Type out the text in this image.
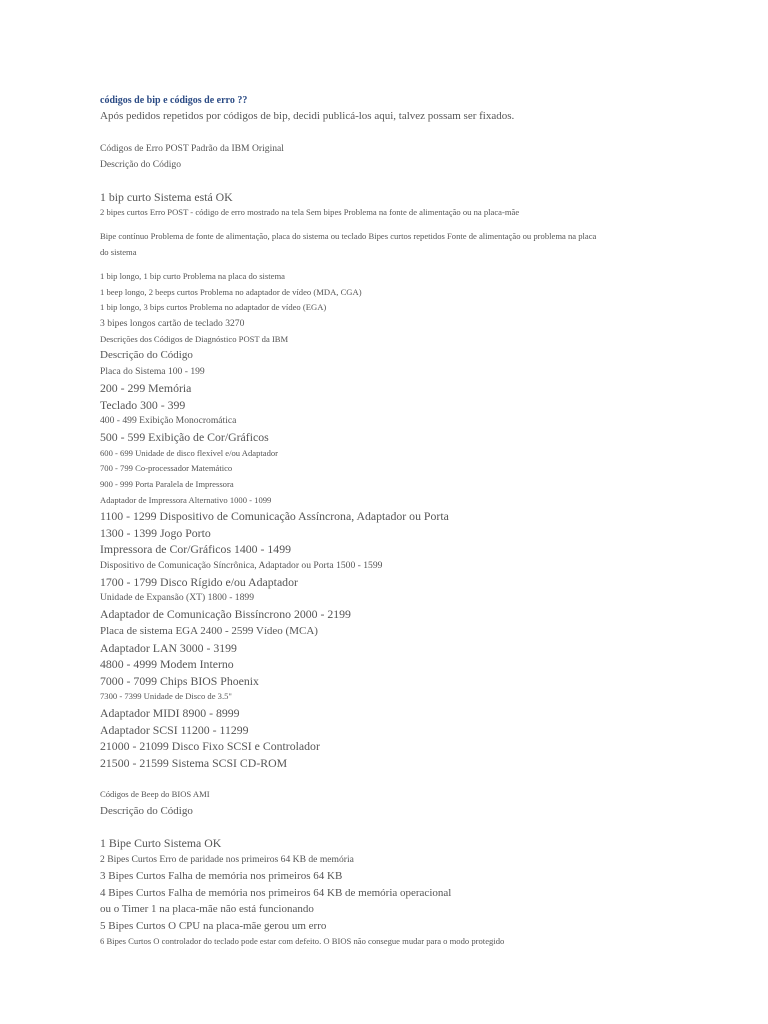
códigos de bip e códigos de erro ??

Após pedidos repetidos por códigos de bip, decidi publicá-los aqui, talvez possam ser fixados.

Códigos de Erro POST Padrão da IBM Original

Descrição do Código

1 bip curto Sistema está OK

2 bipes curtos Erro POST - código de erro mostrado na tela Sem bipes Problema na fonte de alimentação ou na placa-mãe

Bipe contínuo Problema de fonte de alimentação, placa do sistema ou teclado Bipes curtos repetidos Fonte de alimentação ou problema na placa do sistema

1 bip longo, 1 bip curto Problema na placa do sistema

1 beep longo, 2 beeps curtos Problema no adaptador de vídeo (MDA, CGA)

1 bip longo, 3 bips curtos Problema no adaptador de vídeo (EGA)

3 bipes longos cartão de teclado 3270

Descrições dos Códigos de Diagnóstico POST da IBM

Descrição do Código

Placa do Sistema 100 - 199

200 - 299 Memória

Teclado 300 - 399

400 - 499 Exibição Monocromática

500 - 599 Exibição de Cor/Gráficos

600 - 699 Unidade de disco flexível e/ou Adaptador

700 - 799 Co-processador Matemático

900 - 999 Porta Paralela de Impressora

Adaptador de Impressora Alternativo 1000 - 1099

1100 - 1299 Dispositivo de Comunicação Assíncrona, Adaptador ou Porta

1300 - 1399 Jogo Porto

Impressora de Cor/Gráficos 1400 - 1499

Dispositivo de Comunicação Síncrônica, Adaptador ou Porta 1500 - 1599

1700 - 1799 Disco Rígido e/ou Adaptador

Unidade de Expansão (XT) 1800 - 1899

Adaptador de Comunicação Bissíncrono 2000 - 2199

Placa de sistema EGA 2400 - 2599 Vídeo (MCA)

Adaptador LAN 3000 - 3199

4800 - 4999 Modem Interno

7000 - 7099 Chips BIOS Phoenix

7300 - 7399 Unidade de Disco de 3.5"

Adaptador MIDI 8900 - 8999

Adaptador SCSI 11200 - 11299

21000 - 21099 Disco Fixo SCSI e Controlador

21500 - 21599 Sistema SCSI CD-ROM

Códigos de Beep do BIOS AMI

Descrição do Código

1 Bipe Curto Sistema OK

2 Bipes Curtos Erro de paridade nos primeiros 64 KB de memória

3 Bipes Curtos Falha de memória nos primeiros 64 KB

4 Bipes Curtos Falha de memória nos primeiros 64 KB de memória operacional

ou o Timer 1 na placa-mãe não está funcionando

5 Bipes Curtos O CPU na placa-mãe gerou um erro

6 Bipes Curtos O controlador do teclado pode estar com defeito. O BIOS não consegue mudar para o modo protegido
